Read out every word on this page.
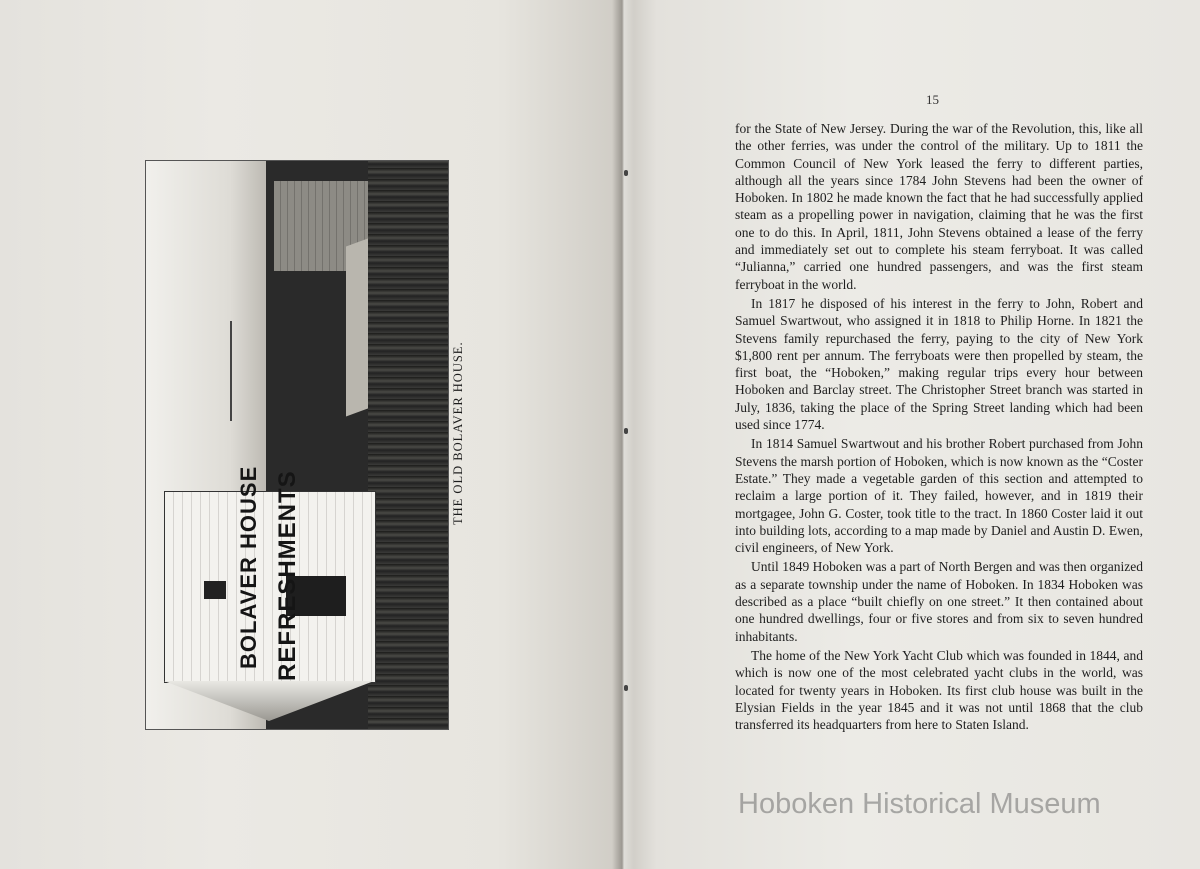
BOLAVER HOUSE REFRESHMENTS
THE OLD BOLAVER HOUSE.
15

for the State of New Jersey. During the war of the Revolution, this, like all the other ferries, was under the control of the military. Up to 1811 the Common Council of New York leased the ferry to different parties, although all the years since 1784 John Stevens had been the owner of Hoboken. In 1802 he made known the fact that he had successfully applied steam as a propelling power in navigation, claiming that he was the first one to do this. In April, 1811, John Stevens obtained a lease of the ferry and immediately set out to complete his steam ferryboat. It was called “Julianna,” carried one hundred passengers, and was the first steam ferryboat in the world.

In 1817 he disposed of his interest in the ferry to John, Robert and Samuel Swartwout, who assigned it in 1818 to Philip Horne. In 1821 the Stevens family repurchased the ferry, paying to the city of New York $1,800 rent per annum. The ferryboats were then propelled by steam, the first boat, the “Hoboken,” making regular trips every hour between Hoboken and Barclay street. The Christopher Street branch was started in July, 1836, taking the place of the Spring Street landing which had been used since 1774.

In 1814 Samuel Swartwout and his brother Robert purchased from John Stevens the marsh portion of Hoboken, which is now known as the “Coster Estate.” They made a vegetable garden of this section and attempted to reclaim a large portion of it. They failed, however, and in 1819 their mortgagee, John G. Coster, took title to the tract. In 1860 Coster laid it out into building lots, according to a map made by Daniel and Austin D. Ewen, civil engineers, of New York.

Until 1849 Hoboken was a part of North Bergen and was then organized as a separate township under the name of Hoboken. In 1834 Hoboken was described as a place “built chiefly on one street.” It then contained about one hundred dwellings, four or five stores and from six to seven hundred inhabitants.

The home of the New York Yacht Club which was founded in 1844, and which is now one of the most celebrated yacht clubs in the world, was located for twenty years in Hoboken. Its first club house was built in the Elysian Fields in the year 1845 and it was not until 1868 that the club transferred its headquarters from here to Staten Island.

Hoboken Historical Museum
